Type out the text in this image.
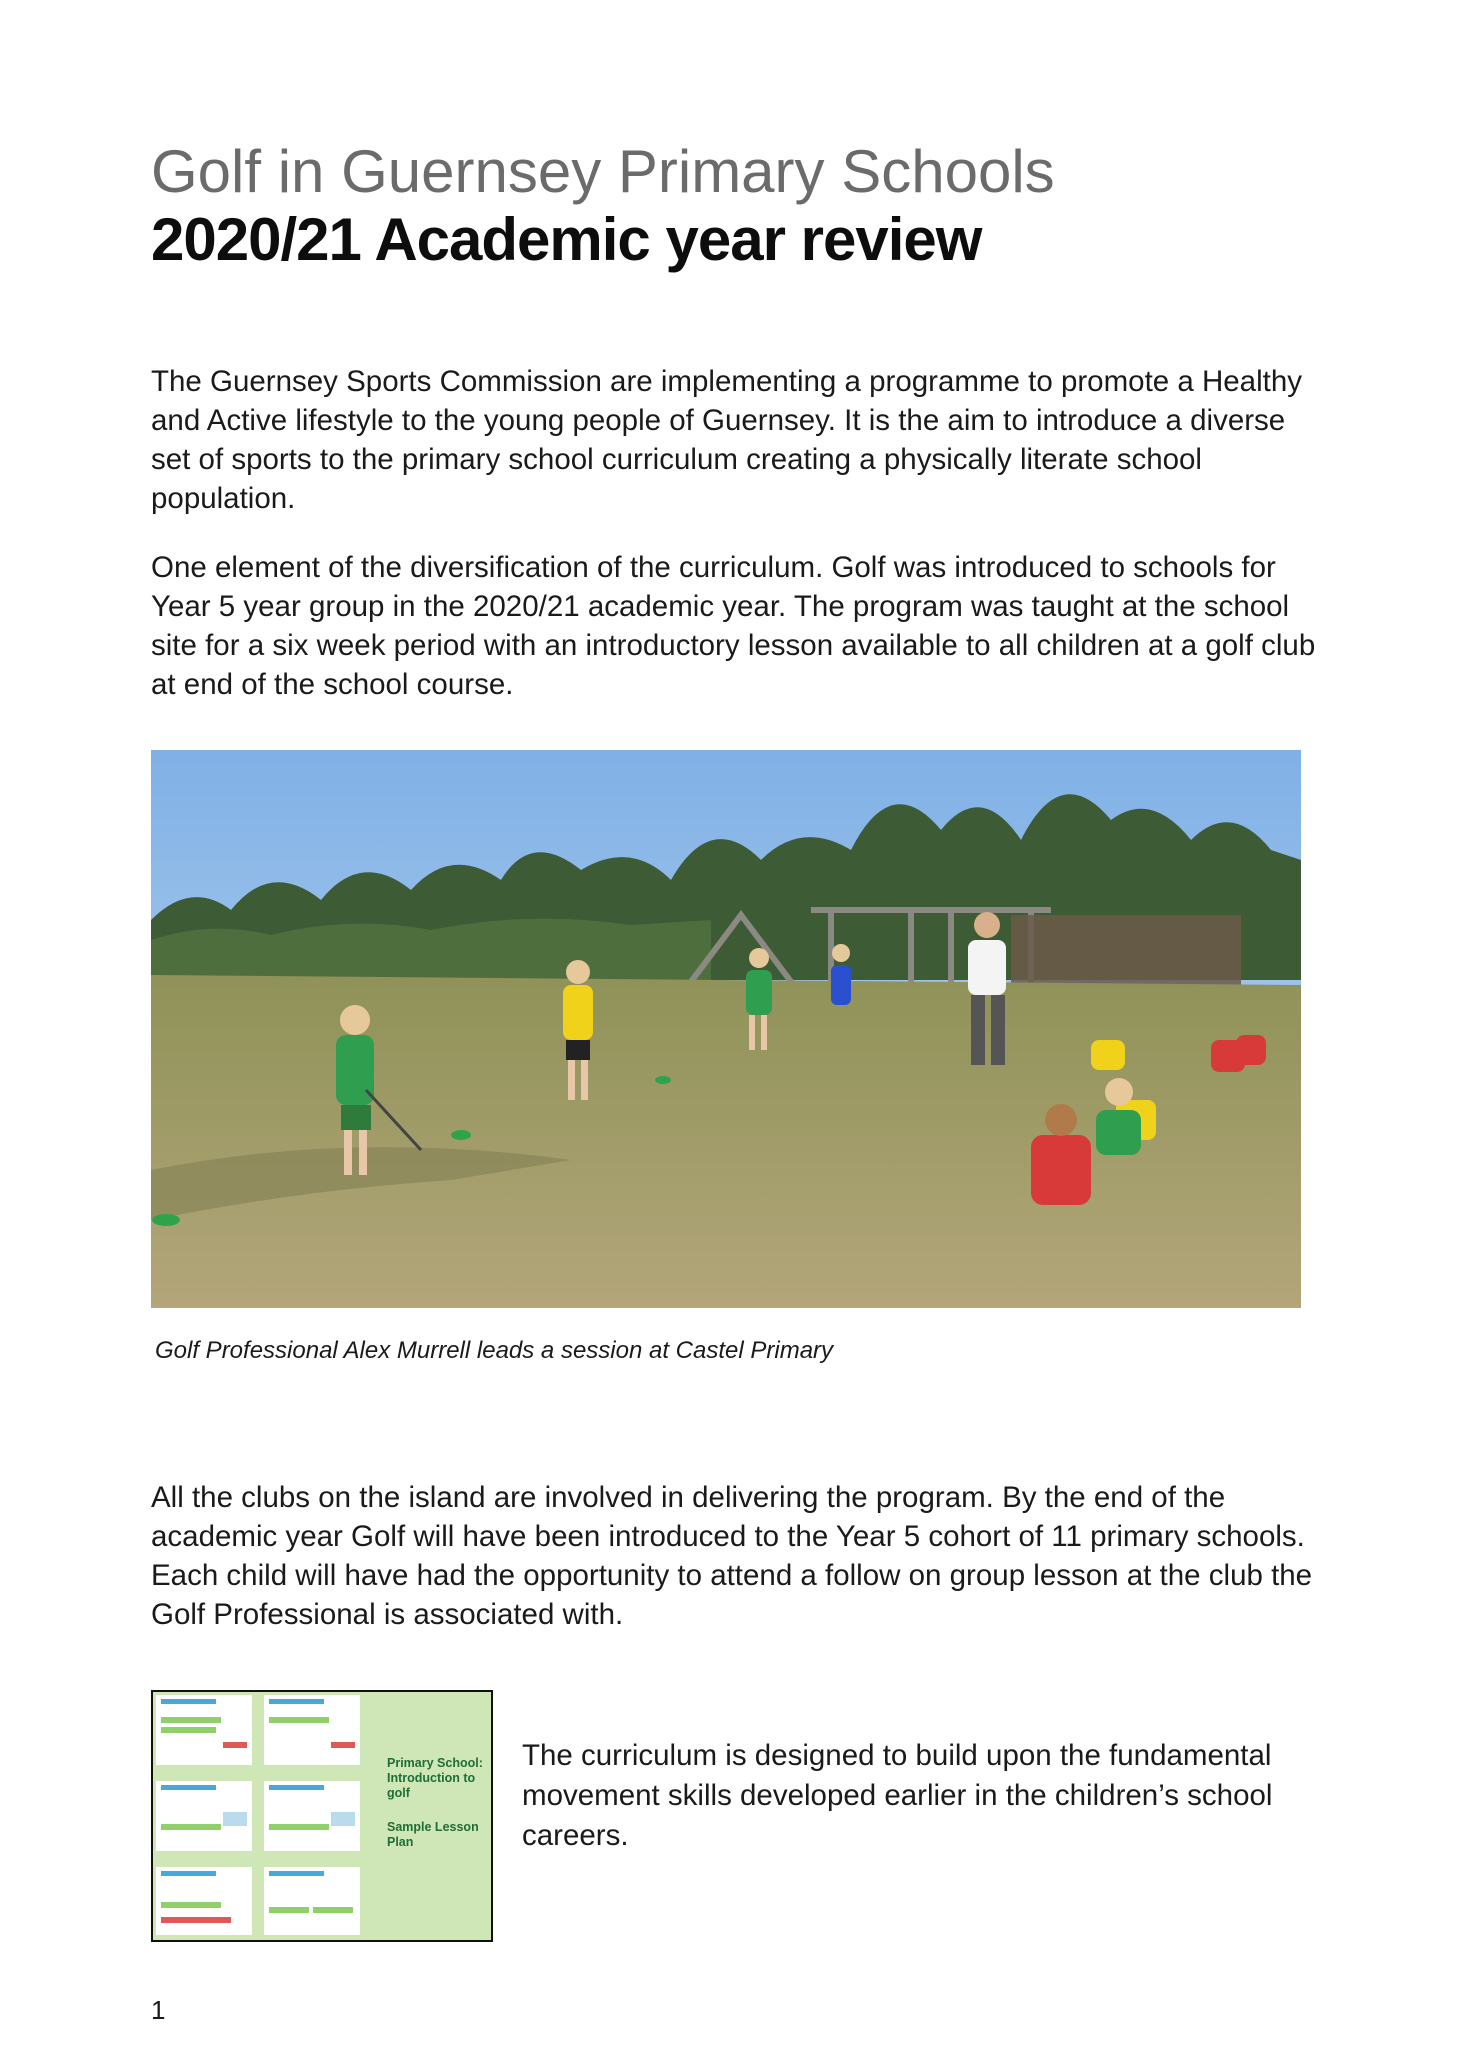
Golf in Guernsey Primary Schools
2020/21 Academic year review
The Guernsey Sports Commission are implementing a programme to promote a Healthy and Active lifestyle to the young people of Guernsey. It is the aim to introduce a diverse set of sports to the primary school curriculum creating a physically literate school population.
One element of the diversification of the curriculum. Golf was introduced to schools for Year 5 year group in the 2020/21 academic year. The program was taught at the school site for a six week period with an introductory lesson available to all children at a golf club at end of the school course.
Golf Professional Alex Murrell leads a session at Castel Primary
All the clubs on the island are involved in delivering the program. By the end of the academic year Golf will have been introduced to the Year 5 cohort of 11 primary schools. Each child will have had the opportunity to attend a follow on group lesson at the club the Golf Professional is associated with.
Primary School: Introduction to golf
Sample Lesson Plan
The curriculum is designed to build upon the fundamental movement skills developed earlier in the children’s school careers.
1
